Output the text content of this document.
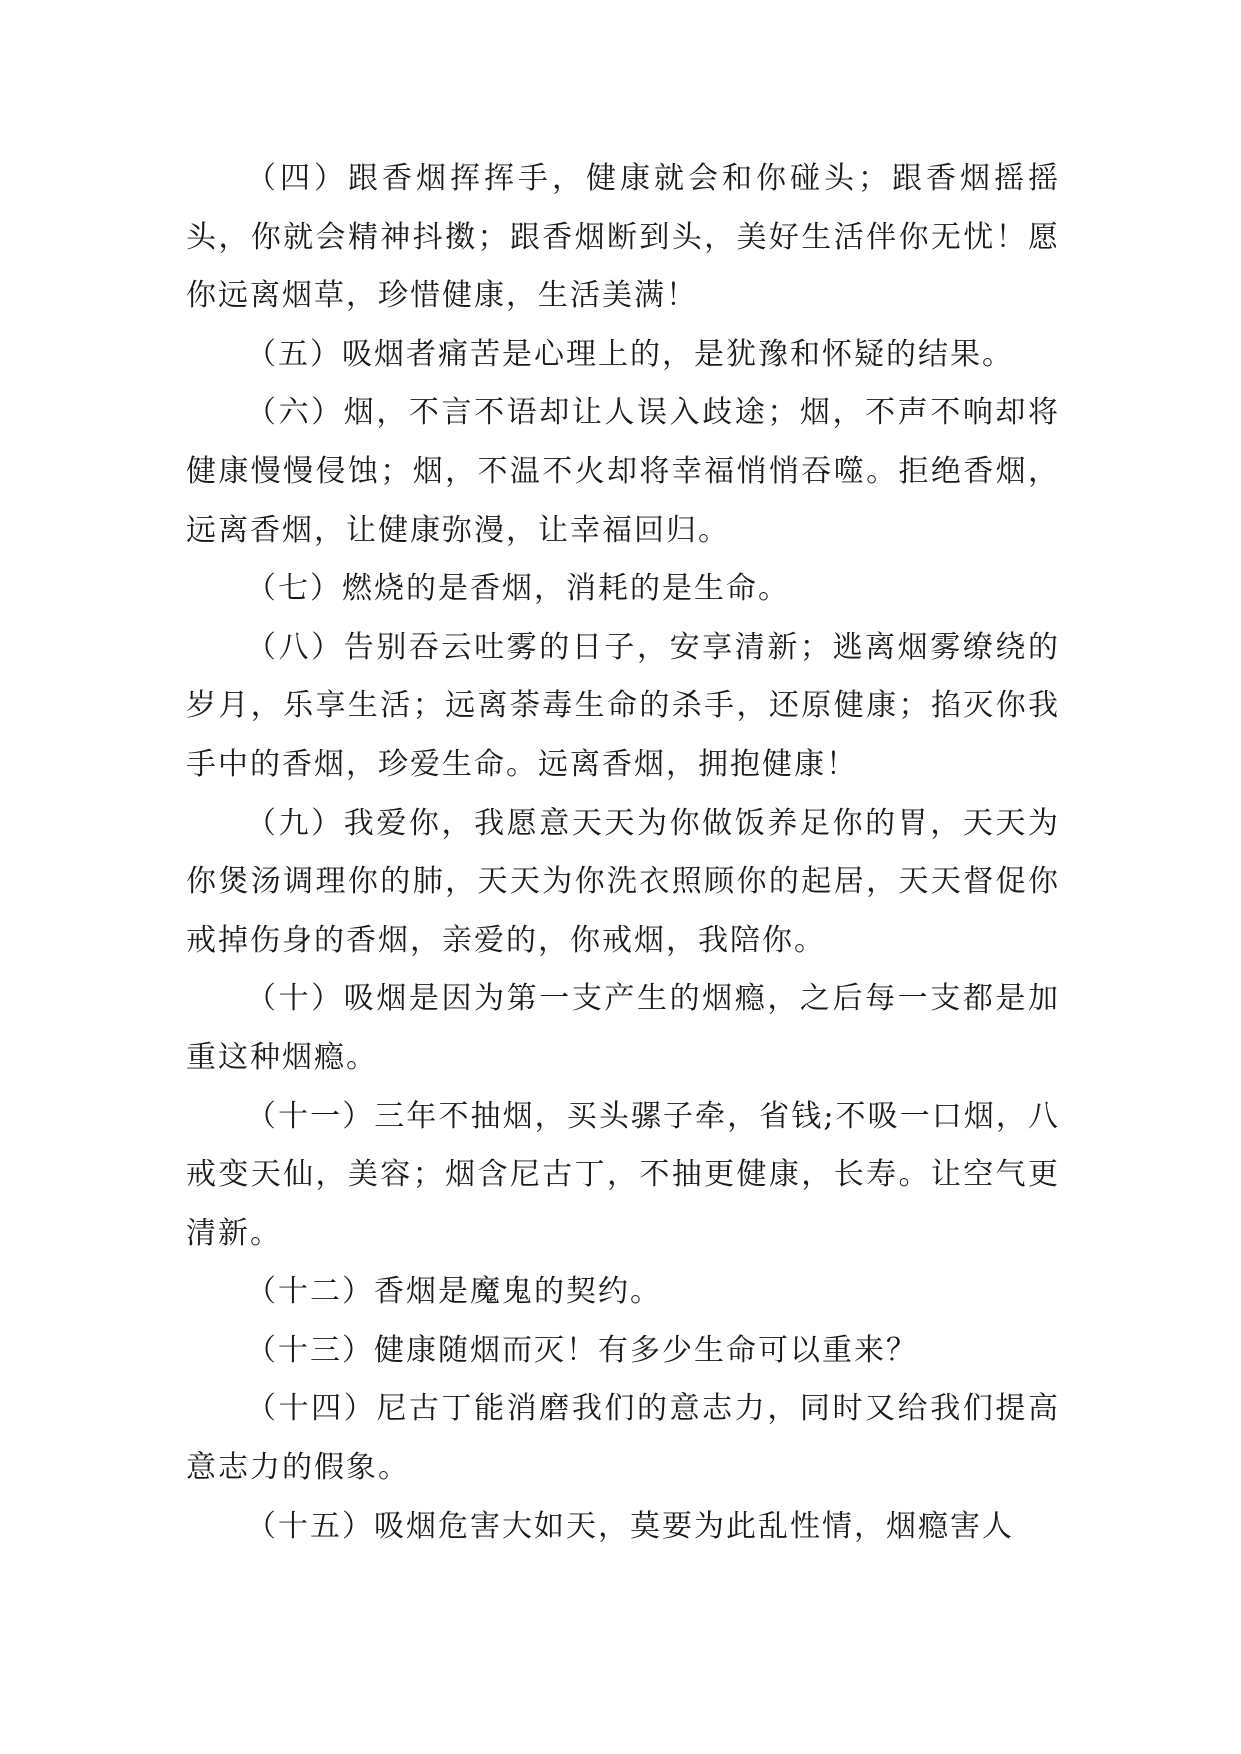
（四）跟香烟挥挥手，健康就会和你碰头；跟香烟摇摇头，你就会精神抖擞；跟香烟断到头，美好生活伴你无忧！愿你远离烟草，珍惜健康，生活美满！

（五）吸烟者痛苦是心理上的，是犹豫和怀疑的结果。

（六）烟，不言不语却让人误入歧途；烟，不声不响却将健康慢慢侵蚀；烟，不温不火却将幸福悄悄吞噬。拒绝香烟，远离香烟，让健康弥漫，让幸福回归。

（七）燃烧的是香烟，消耗的是生命。

（八）告别吞云吐雾的日子，安享清新；逃离烟雾缭绕的岁月，乐享生活；远离荼毒生命的杀手，还原健康；掐灭你我手中的香烟，珍爱生命。远离香烟，拥抱健康！

（九）我爱你，我愿意天天为你做饭养足你的胃，天天为你煲汤调理你的肺，天天为你洗衣照顾你的起居，天天督促你戒掉伤身的香烟，亲爱的，你戒烟，我陪你。

（十）吸烟是因为第一支产生的烟瘾，之后每一支都是加重这种烟瘾。

（十一）三年不抽烟，买头骡子牵，省钱;不吸一口烟，八戒变天仙，美容；烟含尼古丁，不抽更健康，长寿。让空气更清新。

（十二）香烟是魔鬼的契约。

（十三）健康随烟而灭！有多少生命可以重来？

（十四）尼古丁能消磨我们的意志力，同时又给我们提高意志力的假象。

（十五）吸烟危害大如天，莫要为此乱性情，烟瘾害人
